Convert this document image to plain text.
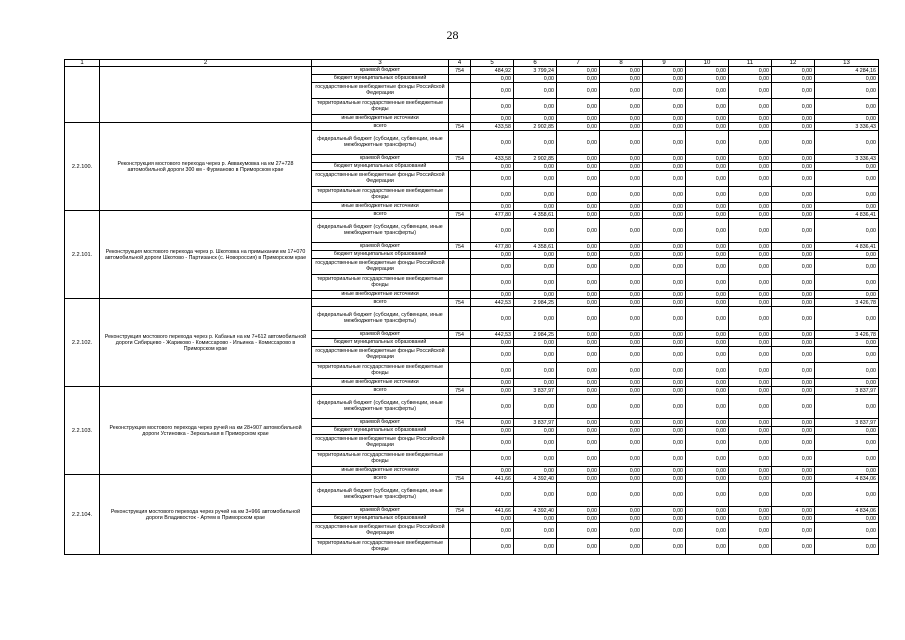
28
1	2	3	4	5	6	7	8	9	10	11	12	13
		краевой бюджет	754	484,92	3 799,24	0,00	0,00	0,00	0,00	0,00	0,00	4 284,16
		бюджет муниципальных образований		0,00	0,00	0,00	0,00	0,00	0,00	0,00	0,00	0,00
		государственные внебюджетные фонды Российской Федерации		0,00	0,00	0,00	0,00	0,00	0,00	0,00	0,00	0,00
		территориальные государственные внебюджетные фонды		0,00	0,00	0,00	0,00	0,00	0,00	0,00	0,00	0,00
		иные внебюджетные источники		0,00	0,00	0,00	0,00	0,00	0,00	0,00	0,00	0,00
2.2.100.	Реконструкция мостового перехода через р. Аввакумовка на км 27+728 автомобильной дороги 300 км - Фурманово в Приморском крае	всего	754	433,58	2 902,85	0,00	0,00	0,00	0,00	0,00	0,00	3 336,43
		федеральный бюджет (субсидии, субвенции, иные межбюджетные трансферты)		0,00	0,00	0,00	0,00	0,00	0,00	0,00	0,00	0,00
		краевой бюджет	754	433,58	2 902,85	0,00	0,00	0,00	0,00	0,00	0,00	3 336,43
		бюджет муниципальных образований		0,00	0,00	0,00	0,00	0,00	0,00	0,00	0,00	0,00
		государственные внебюджетные фонды Российской Федерации		0,00	0,00	0,00	0,00	0,00	0,00	0,00	0,00	0,00
		территориальные государственные внебюджетные фонды		0,00	0,00	0,00	0,00	0,00	0,00	0,00	0,00	0,00
		иные внебюджетные источники		0,00	0,00	0,00	0,00	0,00	0,00	0,00	0,00	0,00
2.2.101.	Реконструкция мостового перехода через р. Шкотовка на примыкании км 17+070 автомобильной дороги Шкотово - Партизанск (с. Новороссия) в Приморском крае	всего	754	477,80	4 358,61	0,00	0,00	0,00	0,00	0,00	0,00	4 836,41
		федеральный бюджет (субсидии, субвенции, иные межбюджетные трансферты)		0,00	0,00	0,00	0,00	0,00	0,00	0,00	0,00	0,00
		краевой бюджет	754	477,80	4 358,61	0,00	0,00	0,00	0,00	0,00	0,00	4 836,41
		бюджет муниципальных образований		0,00	0,00	0,00	0,00	0,00	0,00	0,00	0,00	0,00
		государственные внебюджетные фонды Российской Федерации		0,00	0,00	0,00	0,00	0,00	0,00	0,00	0,00	0,00
		территориальные государственные внебюджетные фонды		0,00	0,00	0,00	0,00	0,00	0,00	0,00	0,00	0,00
		иные внебюджетные источники		0,00	0,00	0,00	0,00	0,00	0,00	0,00	0,00	0,00
2.2.102.	Реконструкция мостового перехода через р. Кабанья на км 7+612 автомобильной дороги Сибирцево - Жариково - Комиссарово - Ильинка - Комиссарово в Приморском крае	всего	754	442,53	2 984,25	0,00	0,00	0,00	0,00	0,00	0,00	3 426,78
		федеральный бюджет (субсидии, субвенции, иные межбюджетные трансферты)		0,00	0,00	0,00	0,00	0,00	0,00	0,00	0,00	0,00
		краевой бюджет	754	442,53	2 984,25	0,00	0,00	0,00	0,00	0,00	0,00	3 426,78
		бюджет муниципальных образований		0,00	0,00	0,00	0,00	0,00	0,00	0,00	0,00	0,00
		государственные внебюджетные фонды Российской Федерации		0,00	0,00	0,00	0,00	0,00	0,00	0,00	0,00	0,00
		территориальные государственные внебюджетные фонды		0,00	0,00	0,00	0,00	0,00	0,00	0,00	0,00	0,00
		иные внебюджетные источники		0,00	0,00	0,00	0,00	0,00	0,00	0,00	0,00	0,00
2.2.103.	Реконструкция мостового перехода через ручей на км 28+907 автомобильной дороги Устиновка - Зеркальная в Приморском крае	всего	754	0,00	3 837,97	0,00	0,00	0,00	0,00	0,00	0,00	3 837,97
		федеральный бюджет (субсидии, субвенции, иные межбюджетные трансферты)		0,00	0,00	0,00	0,00	0,00	0,00	0,00	0,00	0,00
		краевой бюджет	754	0,00	3 837,97	0,00	0,00	0,00	0,00	0,00	0,00	3 837,97
		бюджет муниципальных образований		0,00	0,00	0,00	0,00	0,00	0,00	0,00	0,00	0,00
		государственные внебюджетные фонды Российской Федерации		0,00	0,00	0,00	0,00	0,00	0,00	0,00	0,00	0,00
		территориальные государственные внебюджетные фонды		0,00	0,00	0,00	0,00	0,00	0,00	0,00	0,00	0,00
		иные внебюджетные источники		0,00	0,00	0,00	0,00	0,00	0,00	0,00	0,00	0,00
2.2.104.	Реконструкция мостового перехода через ручей на км 3+966 автомобильной дороги Владивосток - Артем в Приморском крае	всего	754	441,66	4 392,40	0,00	0,00	0,00	0,00	0,00	0,00	4 834,06
		федеральный бюджет (субсидии, субвенции, иные межбюджетные трансферты)		0,00	0,00	0,00	0,00	0,00	0,00	0,00	0,00	0,00
		краевой бюджет	754	441,66	4 392,40	0,00	0,00	0,00	0,00	0,00	0,00	4 834,06
		бюджет муниципальных образований		0,00	0,00	0,00	0,00	0,00	0,00	0,00	0,00	0,00
		государственные внебюджетные фонды Российской Федерации		0,00	0,00	0,00	0,00	0,00	0,00	0,00	0,00	0,00
		территориальные государственные внебюджетные фонды		0,00	0,00	0,00	0,00	0,00	0,00	0,00	0,00	0,00
